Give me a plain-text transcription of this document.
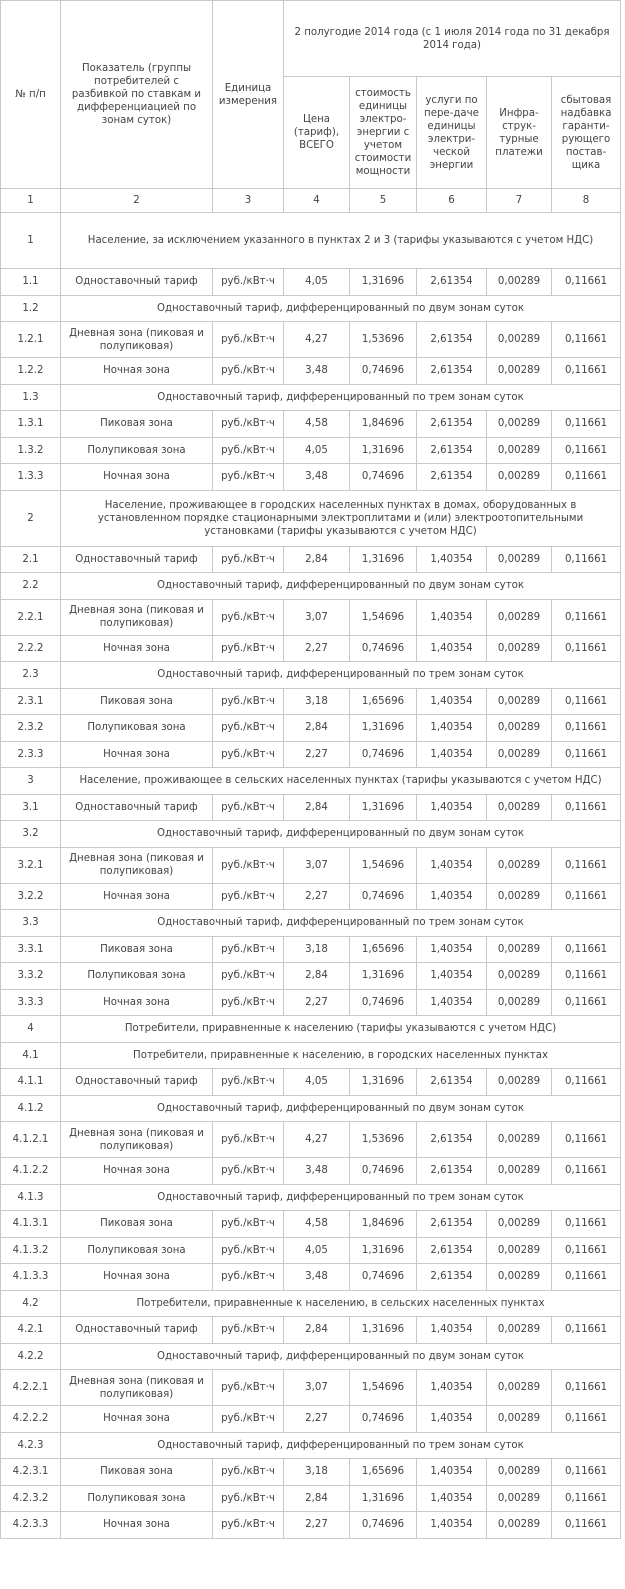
№ п/п	Показатель (группы потребителей с разбивкой по ставкам и дифференциацией по зонам суток)	Единица измерения	2 полугодие 2014 года (с 1 июля 2014 года по 31 декабря 2014 года)				
			Цена (тариф), ВСЕГО	стоимость единицы электро-энергии с учетом стоимости мощности	услуги по пере-даче единицы электри-ческой энергии	Инфра-струк-турные платежи	сбытовая надбавка гаранти-рующего постав-щика
1	2	3	4	5	6	7	8
1	Население, за исключением указанного в пунктах 2 и 3 (тарифы указываются с учетом НДС)						
1.1	Одноставочный тариф	руб./кВт·ч	4,05	1,31696	2,61354	0,00289	0,11661
1.2	Одноставочный тариф, дифференцированный по двум зонам суток						
1.2.1	Дневная зона (пиковая и полупиковая)	руб./кВт·ч	4,27	1,53696	2,61354	0,00289	0,11661
1.2.2	Ночная зона	руб./кВт·ч	3,48	0,74696	2,61354	0,00289	0,11661
1.3	Одноставочный тариф, дифференцированный по трем зонам суток						
1.3.1	Пиковая зона	руб./кВт·ч	4,58	1,84696	2,61354	0,00289	0,11661
1.3.2	Полупиковая зона	руб./кВт·ч	4,05	1,31696	2,61354	0,00289	0,11661
1.3.3	Ночная зона	руб./кВт·ч	3,48	0,74696	2,61354	0,00289	0,11661
2	Население, проживающее в городских населенных пунктах в домах, оборудованных в установленном порядке стационарными электроплитами и (или) электроотопительными установками (тарифы указываются с учетом НДС)						
2.1	Одноставочный тариф	руб./кВт·ч	2,84	1,31696	1,40354	0,00289	0,11661
2.2	Одноставочный тариф, дифференцированный по двум зонам суток						
2.2.1	Дневная зона (пиковая и полупиковая)	руб./кВт·ч	3,07	1,54696	1,40354	0,00289	0,11661
2.2.2	Ночная зона	руб./кВт·ч	2,27	0,74696	1,40354	0,00289	0,11661
2.3	Одноставочный тариф, дифференцированный по трем зонам суток						
2.3.1	Пиковая зона	руб./кВт·ч	3,18	1,65696	1,40354	0,00289	0,11661
2.3.2	Полупиковая зона	руб./кВт·ч	2,84	1,31696	1,40354	0,00289	0,11661
2.3.3	Ночная зона	руб./кВт·ч	2,27	0,74696	1,40354	0,00289	0,11661
3	Население, проживающее в сельских населенных пунктах (тарифы указываются с учетом НДС)						
3.1	Одноставочный тариф	руб./кВт·ч	2,84	1,31696	1,40354	0,00289	0,11661
3.2	Одноставочный тариф, дифференцированный по двум зонам суток						
3.2.1	Дневная зона (пиковая и полупиковая)	руб./кВт·ч	3,07	1,54696	1,40354	0,00289	0,11661
3.2.2	Ночная зона	руб./кВт·ч	2,27	0,74696	1,40354	0,00289	0,11661
3.3	Одноставочный тариф, дифференцированный по трем зонам суток						
3.3.1	Пиковая зона	руб./кВт·ч	3,18	1,65696	1,40354	0,00289	0,11661
3.3.2	Полупиковая зона	руб./кВт·ч	2,84	1,31696	1,40354	0,00289	0,11661
3.3.3	Ночная зона	руб./кВт·ч	2,27	0,74696	1,40354	0,00289	0,11661
4	Потребители, приравненные к населению (тарифы указываются с учетом НДС)						
4.1	Потребители, приравненные к населению, в городских населенных пунктах						
4.1.1	Одноставочный тариф	руб./кВт·ч	4,05	1,31696	2,61354	0,00289	0,11661
4.1.2	Одноставочный тариф, дифференцированный по двум зонам суток						
4.1.2.1	Дневная зона (пиковая и полупиковая)	руб./кВт·ч	4,27	1,53696	2,61354	0,00289	0,11661
4.1.2.2	Ночная зона	руб./кВт·ч	3,48	0,74696	2,61354	0,00289	0,11661
4.1.3	Одноставочный тариф, дифференцированный по трем зонам суток						
4.1.3.1	Пиковая зона	руб./кВт·ч	4,58	1,84696	2,61354	0,00289	0,11661
4.1.3.2	Полупиковая зона	руб./кВт·ч	4,05	1,31696	2,61354	0,00289	0,11661
4.1.3.3	Ночная зона	руб./кВт·ч	3,48	0,74696	2,61354	0,00289	0,11661
4.2	Потребители, приравненные к населению, в сельских населенных пунктах						
4.2.1	Одноставочный тариф	руб./кВт·ч	2,84	1,31696	1,40354	0,00289	0,11661
4.2.2	Одноставочный тариф, дифференцированный по двум зонам суток						
4.2.2.1	Дневная зона (пиковая и полупиковая)	руб./кВт·ч	3,07	1,54696	1,40354	0,00289	0,11661
4.2.2.2	Ночная зона	руб./кВт·ч	2,27	0,74696	1,40354	0,00289	0,11661
4.2.3	Одноставочный тариф, дифференцированный по трем зонам суток						
4.2.3.1	Пиковая зона	руб./кВт·ч	3,18	1,65696	1,40354	0,00289	0,11661
4.2.3.2	Полупиковая зона	руб./кВт·ч	2,84	1,31696	1,40354	0,00289	0,11661
4.2.3.3	Ночная зона	руб./кВт·ч	2,27	0,74696	1,40354	0,00289	0,11661
